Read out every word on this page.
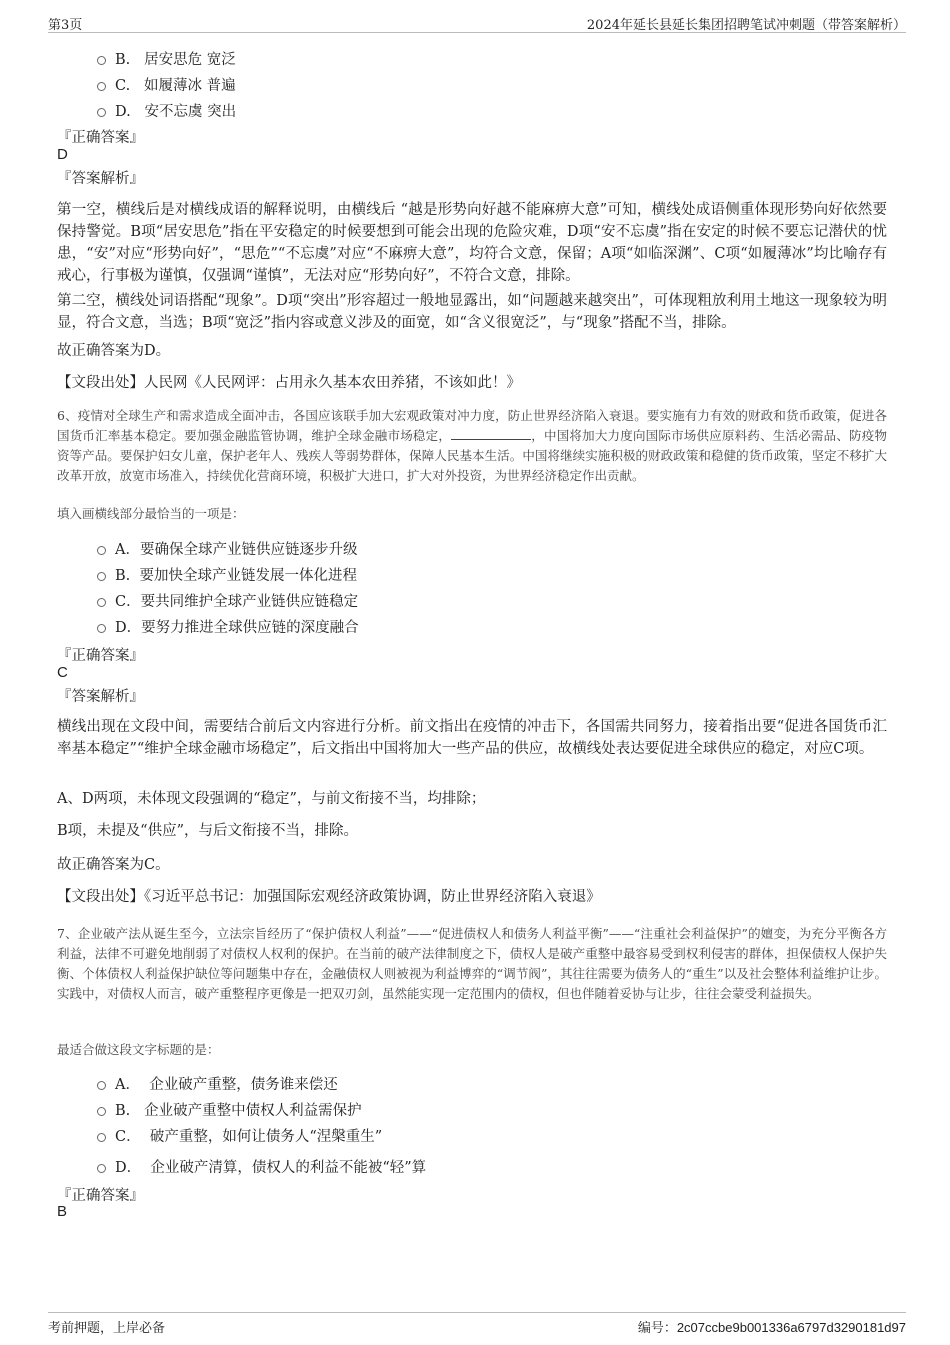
第3页	2024年延长县延长集团招聘笔试冲刺题（带答案解析）
B. 居安思危 宽泛
C. 如履薄冰 普遍
D. 安不忘虞 突出
『正确答案』
D
『答案解析』
第一空，横线后是对横线成语的解释说明，由横线后 “越是形势向好越不能麻痹大意”可知，横线处成语侧重体现形势向好依然要保持警觉。B项“居安思危”指在平安稳定的时候要想到可能会出现的危险灾难，D项“安不忘虞”指在安定的时候不要忘记潜伏的忧患，“安”对应“形势向好”，“思危”“不忘虞”对应“不麻痹大意”，均符合文意，保留；A项“如临深渊”、C项“如履薄冰”均比喻存有戒心，行事极为谨慎，仅强调“谨慎”，无法对应“形势向好”，不符合文意，排除。
第二空，横线处词语搭配“现象”。D项“突出”形容超过一般地显露出，如“问题越来越突出”，可体现粗放利用土地这一现象较为明显，符合文意，当选；B项“宽泛”指内容或意义涉及的面宽，如“含义很宽泛”，与“现象”搭配不当，排除。
故正确答案为D。
【文段出处】人民网《人民网评：占用永久基本农田养猪，不该如此！》
6、疫情对全球生产和需求造成全面冲击，各国应该联手加大宏观政策对冲力度，防止世界经济陷入衰退。要实施有力有效的财政和货币政策，促进各国货币汇率基本稳定。要加强金融监管协调，维护全球金融市场稳定，	，中国将加大力度向国际市场供应原料药、生活必需品、防疫物资等产品。要保护妇女儿童，保护老年人、残疾人等弱势群体，保障人民基本生活。中国将继续实施积极的财政政策和稳健的货币政策，坚定不移扩大改革开放，放宽市场准入，持续优化营商环境，积极扩大进口，扩大对外投资，为世界经济稳定作出贡献。
填入画横线部分最恰当的一项是：
A．要确保全球产业链供应链逐步升级
B. 要加快全球产业链发展一体化进程
C．要共同维护全球产业链供应链稳定
D．要努力推进全球供应链的深度融合
『正确答案』
C
『答案解析』
横线出现在文段中间，需要结合前后文内容进行分析。前文指出在疫情的冲击下，各国需共同努力，接着指出要“促进各国货币汇率基本稳定”“维护全球金融市场稳定”，后文指出中国将加大一些产品的供应，故横线处表达要促进全球供应的稳定，对应C项。
A、D两项，未体现文段强调的“稳定”，与前文衔接不当，均排除；
B项，未提及“供应”，与后文衔接不当，排除。
故正确答案为C。
【文段出处】《习近平总书记：加强国际宏观经济政策协调，防止世界经济陷入衰退》
7、企业破产法从诞生至今，立法宗旨经历了“保护债权人利益”——“促进债权人和债务人利益平衡”——“注重社会利益保护”的嬗变，为充分平衡各方利益，法律不可避免地削弱了对债权人权利的保护。在当前的破产法律制度之下，债权人是破产重整中最容易受到权利侵害的群体，担保债权人保护失衡、个体债权人利益保护缺位等问题集中存在，金融债权人则被视为利益博弈的“调节阀”，其往往需要为债务人的“重生”以及社会整体利益维护让步。实践中，对债权人而言，破产重整程序更像是一把双刃剑，虽然能实现一定范围内的债权，但也伴随着妥协与让步，往往会蒙受利益损失。
最适合做这段文字标题的是：
A． 企业破产重整，债务谁来偿还
B. 企业破产重整中债权人利益需保护
C． 破产重整，如何让债务人“涅槃重生”
D． 企业破产清算，债权人的利益不能被“轻”算
『正确答案』
B
考前押题，上岸必备	编号：2c07ccbe9b001336a6797d3290181d97
